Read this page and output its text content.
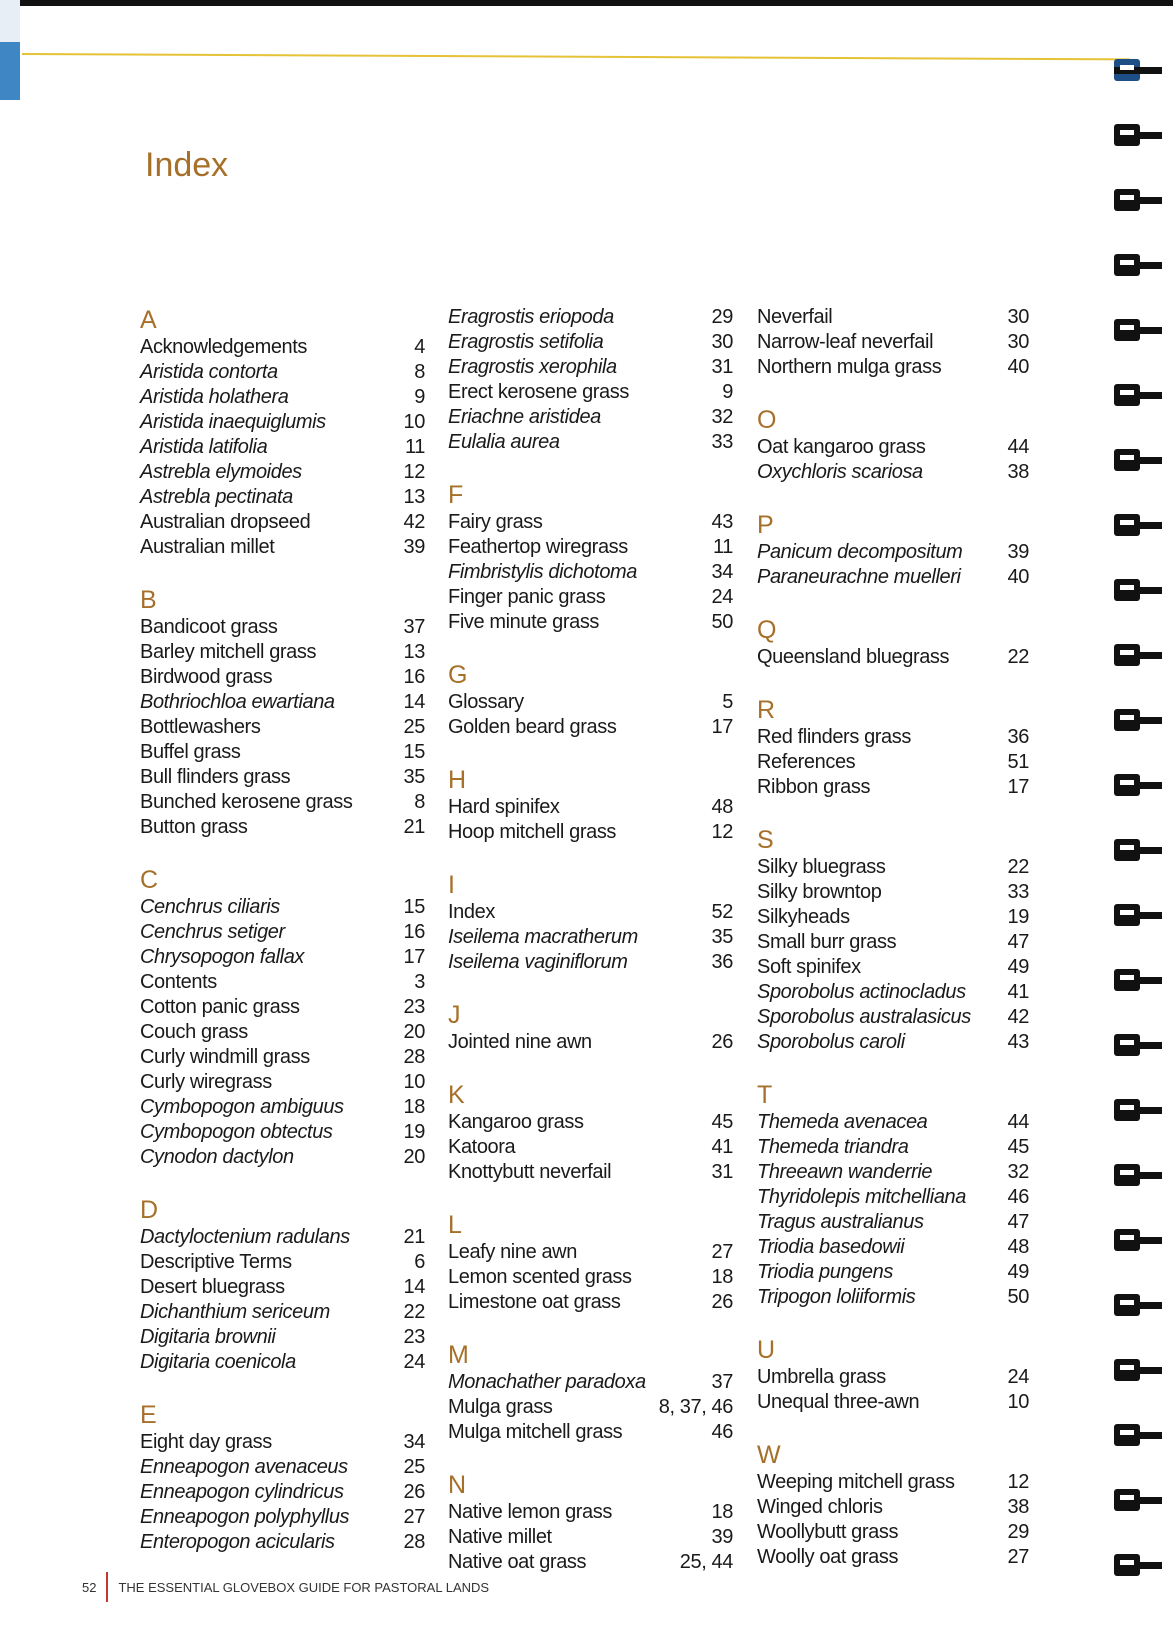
Index
A
Acknowledgements	4
Aristida contorta	8
Aristida holathera	9
Aristida inaequiglumis	10
Aristida latifolia	11
Astrebla elymoides	12
Astrebla pectinata	13
Australian dropseed	42
Australian millet	39
B
Bandicoot grass	37
Barley mitchell grass	13
Birdwood grass	16
Bothriochloa ewartiana	14
Bottlewashers	25
Buffel grass	15
Bull flinders grass	35
Bunched kerosene grass	8
Button grass	21
C
Cenchrus ciliaris	15
Cenchrus setiger	16
Chrysopogon fallax	17
Contents	3
Cotton panic grass	23
Couch grass	20
Curly windmill grass	28
Curly wiregrass	10
Cymbopogon ambiguus	18
Cymbopogon obtectus	19
Cynodon dactylon	20
D
Dactyloctenium radulans	21
Descriptive Terms	6
Desert bluegrass	14
Dichanthium sericeum	22
Digitaria brownii	23
Digitaria coenicola	24
E
Eight day grass	34
Enneapogon avenaceus	25
Enneapogon cylindricus	26
Enneapogon polyphyllus	27
Enteropogon acicularis	28
Eragrostis eriopoda	29
Eragrostis setifolia	30
Eragrostis xerophila	31
Erect kerosene grass	9
Eriachne aristidea	32
Eulalia aurea	33
F
Fairy grass	43
Feathertop wiregrass	11
Fimbristylis dichotoma	34
Finger panic grass	24
Five minute grass	50
G
Glossary	5
Golden beard grass	17
H
Hard spinifex	48
Hoop mitchell grass	12
I
Index	52
Iseilema macratherum	35
Iseilema vaginiflorum	36
J
Jointed nine awn	26
K
Kangaroo grass	45
Katoora	41
Knottybutt neverfail	31
L
Leafy nine awn	27
Lemon scented grass	18
Limestone oat grass	26
M
Monachather paradoxa	37
Mulga grass	8, 37, 46
Mulga mitchell grass	46
N
Native lemon grass	18
Native millet	39
Native oat grass	25, 44
Neverfail	30
Narrow-leaf neverfail	30
Northern mulga grass	40
O
Oat kangaroo grass	44
Oxychloris scariosa	38
P
Panicum decompositum 39
Paraneurachne muelleri 40
Q
Queensland bluegrass	22
R
Red flinders grass	36
References	51
Ribbon grass	17
S
Silky bluegrass	22
Silky browntop	33
Silkyheads	19
Small burr grass	47
Soft spinifex	49
Sporobolus actinocladus 41
Sporobolus australasicus 42
Sporobolus caroli	43
T
Themeda avenacea	44
Themeda triandra	45
Threeawn wanderrie	32
Thyridolepis mitchelliana 46
Tragus australianus	47
Triodia basedowii	48
Triodia pungens	49
Tripogon loliiformis	50
U
Umbrella grass	24
Unequal three-awn	10
W
Weeping mitchell grass	12
Winged chloris	38
Woollybutt grass	29
Woolly oat grass	27
52 THE ESSENTIAL GLOVEBOX GUIDE FOR PASTORAL LANDS
